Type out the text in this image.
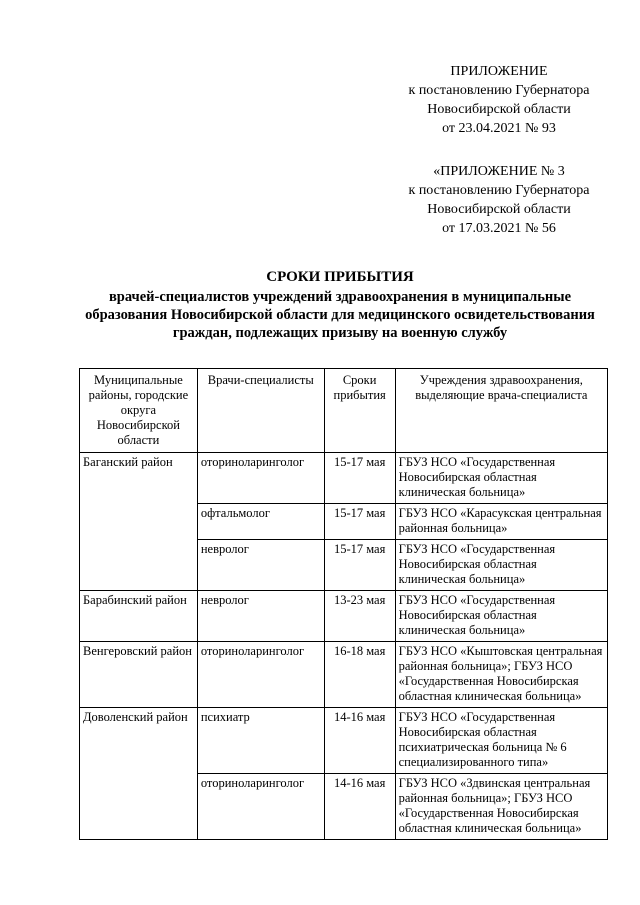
ПРИЛОЖЕНИЕ
к постановлению Губернатора
Новосибирской области
от 23.04.2021 № 93
«ПРИЛОЖЕНИЕ № 3
к постановлению Губернатора
Новосибирской области
от 17.03.2021 № 56
СРОКИ ПРИБЫТИЯ
врачей-специалистов учреждений здравоохранения в муниципальные
образования Новосибирской области для медицинского освидетельствования
граждан, подлежащих призыву на военную службу
Муниципальные районы, городские округа Новосибирской области	Врачи-специалисты	Сроки прибытия	Учреждения здравоохранения, выделяющие врача-специалиста
Баганский район	оториноларинголог	15-17 мая	ГБУЗ НСО «Государственная Новосибирская областная клиническая больница»
	офтальмолог	15-17 мая	ГБУЗ НСО «Карасукская центральная районная больница»
	невролог	15-17 мая	ГБУЗ НСО «Государственная Новосибирская областная клиническая больница»
Барабинский район	невролог	13-23 мая	ГБУЗ НСО «Государственная Новосибирская областная клиническая больница»
Венгеровский район	оториноларинголог	16-18 мая	ГБУЗ НСО «Кыштовская центральная районная больница»; ГБУЗ НСО «Государственная Новосибирская областная клиническая больница»
Доволенский район	психиатр	14-16 мая	ГБУЗ НСО «Государственная Новосибирская областная психиатрическая больница № 6 специализированного типа»
	оториноларинголог	14-16 мая	ГБУЗ НСО «Здвинская центральная районная больница»; ГБУЗ НСО «Государственная Новосибирская областная клиническая больница»
